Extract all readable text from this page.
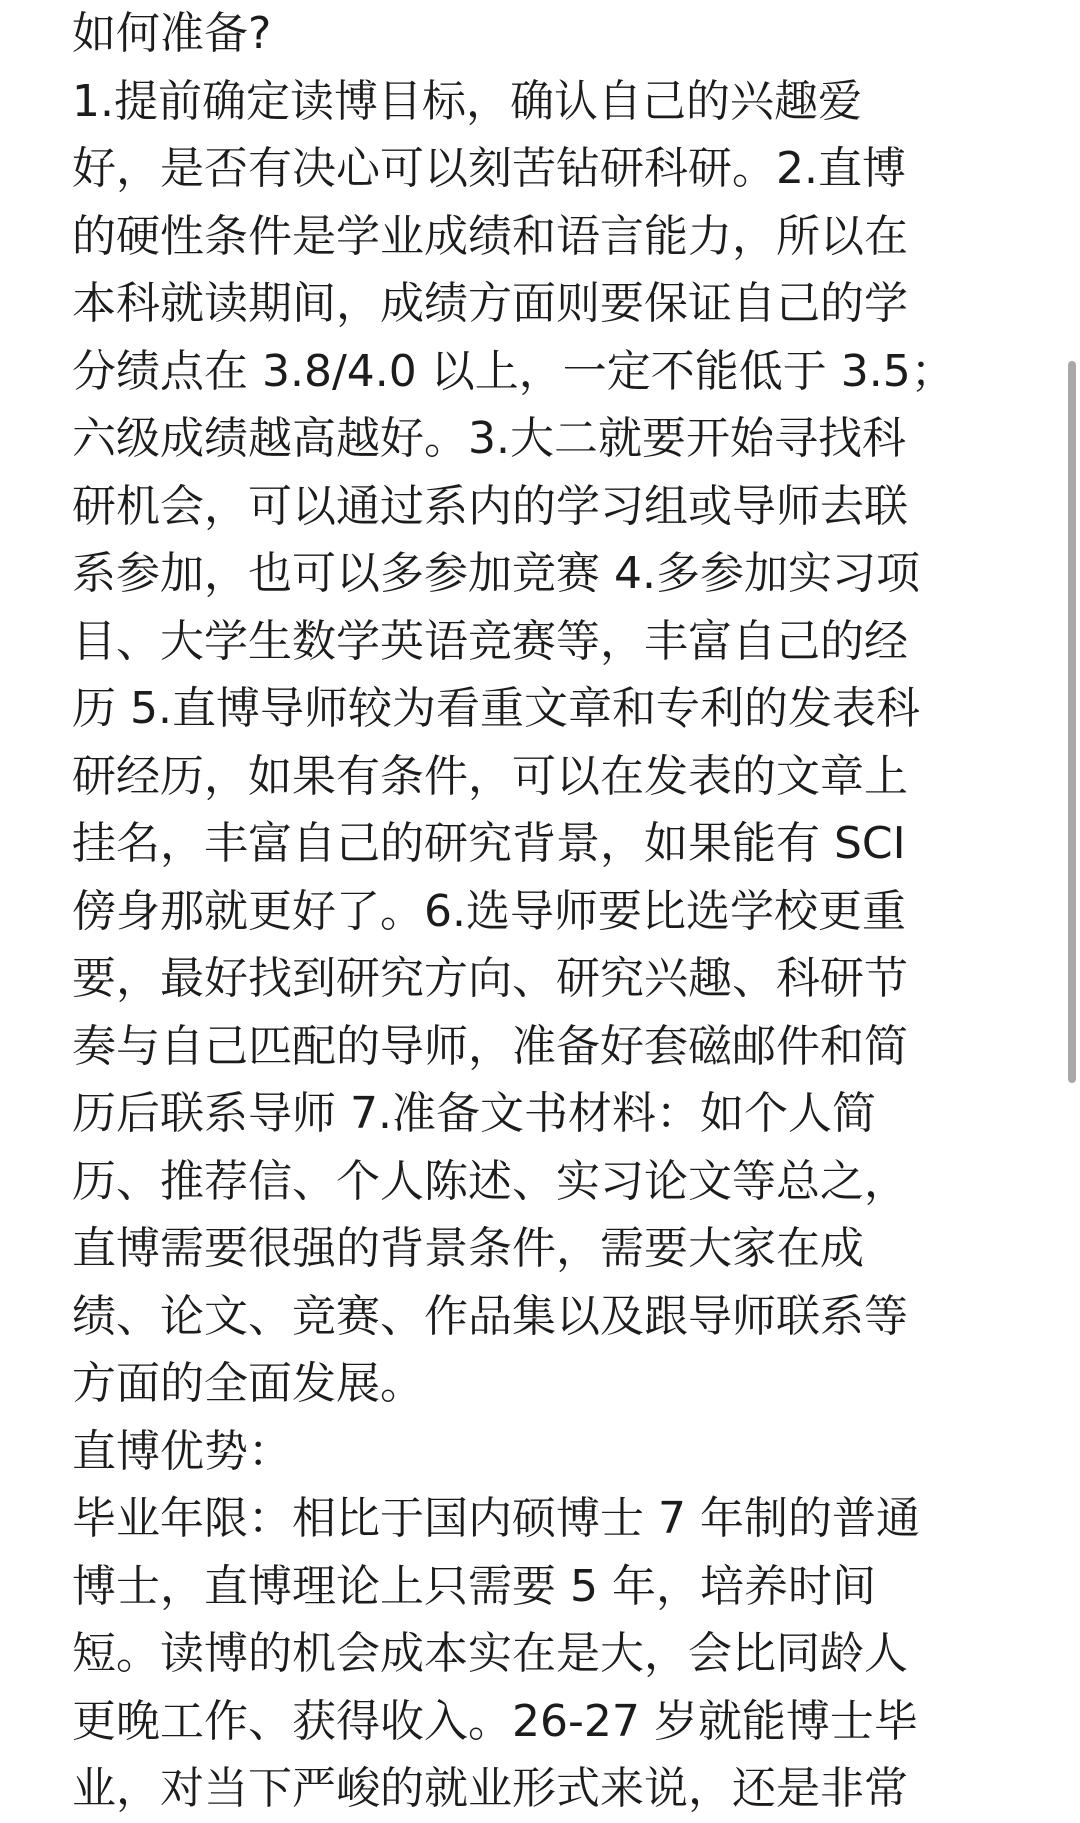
如何准备?
1.提前确定读博目标，确认自己的兴趣爱
好，是否有决心可以刻苦钻研科研。2.直博
的硬性条件是学业成绩和语言能力，所以在
本科就读期间，成绩方面则要保证自己的学
分绩点在 3.8/4.0 以上，一定不能低于 3.5；
六级成绩越高越好。3.大二就要开始寻找科
研机会，可以通过系内的学习组或导师去联
系参加，也可以多参加竞赛 4.多参加实习项
目、大学生数学英语竞赛等，丰富自己的经
历 5.直博导师较为看重文章和专利的发表科
研经历，如果有条件，可以在发表的文章上
挂名，丰富自己的研究背景，如果能有 SCI
傍身那就更好了。6.选导师要比选学校更重
要，最好找到研究方向、研究兴趣、科研节
奏与自己匹配的导师，准备好套磁邮件和简
历后联系导师 7.准备文书材料：如个人简
历、推荐信、个人陈述、实习论文等总之，
直博需要很强的背景条件，需要大家在成
绩、论文、竞赛、作品集以及跟导师联系等
方面的全面发展。
直博优势：
毕业年限：相比于国内硕博士 7 年制的普通
博士，直博理论上只需要 5 年，培养时间
短。读博的机会成本实在是大，会比同龄人
更晚工作、获得收入。26-27 岁就能博士毕
业，对当下严峻的就业形式来说，还是非常
